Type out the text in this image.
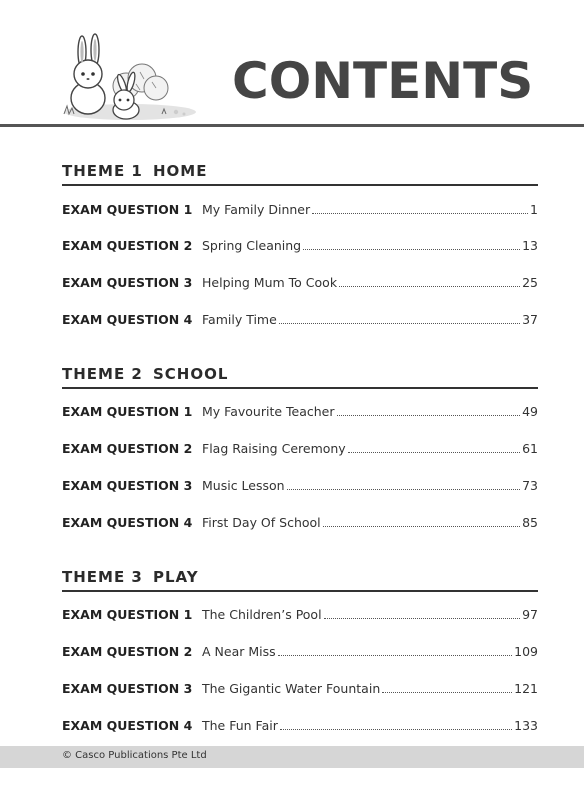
CONTENTS
THEME 1 HOME
EXAM QUESTION 1 My Family Dinner	1
EXAM QUESTION 2 Spring Cleaning	13
EXAM QUESTION 3 Helping Mum To Cook	25
EXAM QUESTION 4 Family Time	37
THEME 2 SCHOOL
EXAM QUESTION 1 My Favourite Teacher	49
EXAM QUESTION 2 Flag Raising Ceremony	61
EXAM QUESTION 3 Music Lesson	73
EXAM QUESTION 4 First Day Of School	85
THEME 3 PLAY
EXAM QUESTION 1 The Children’s Pool	97
EXAM QUESTION 2 A Near Miss	109
EXAM QUESTION 3 The Gigantic Water Fountain	121
EXAM QUESTION 4 The Fun Fair	133
© Casco Publications Pte Ltd
